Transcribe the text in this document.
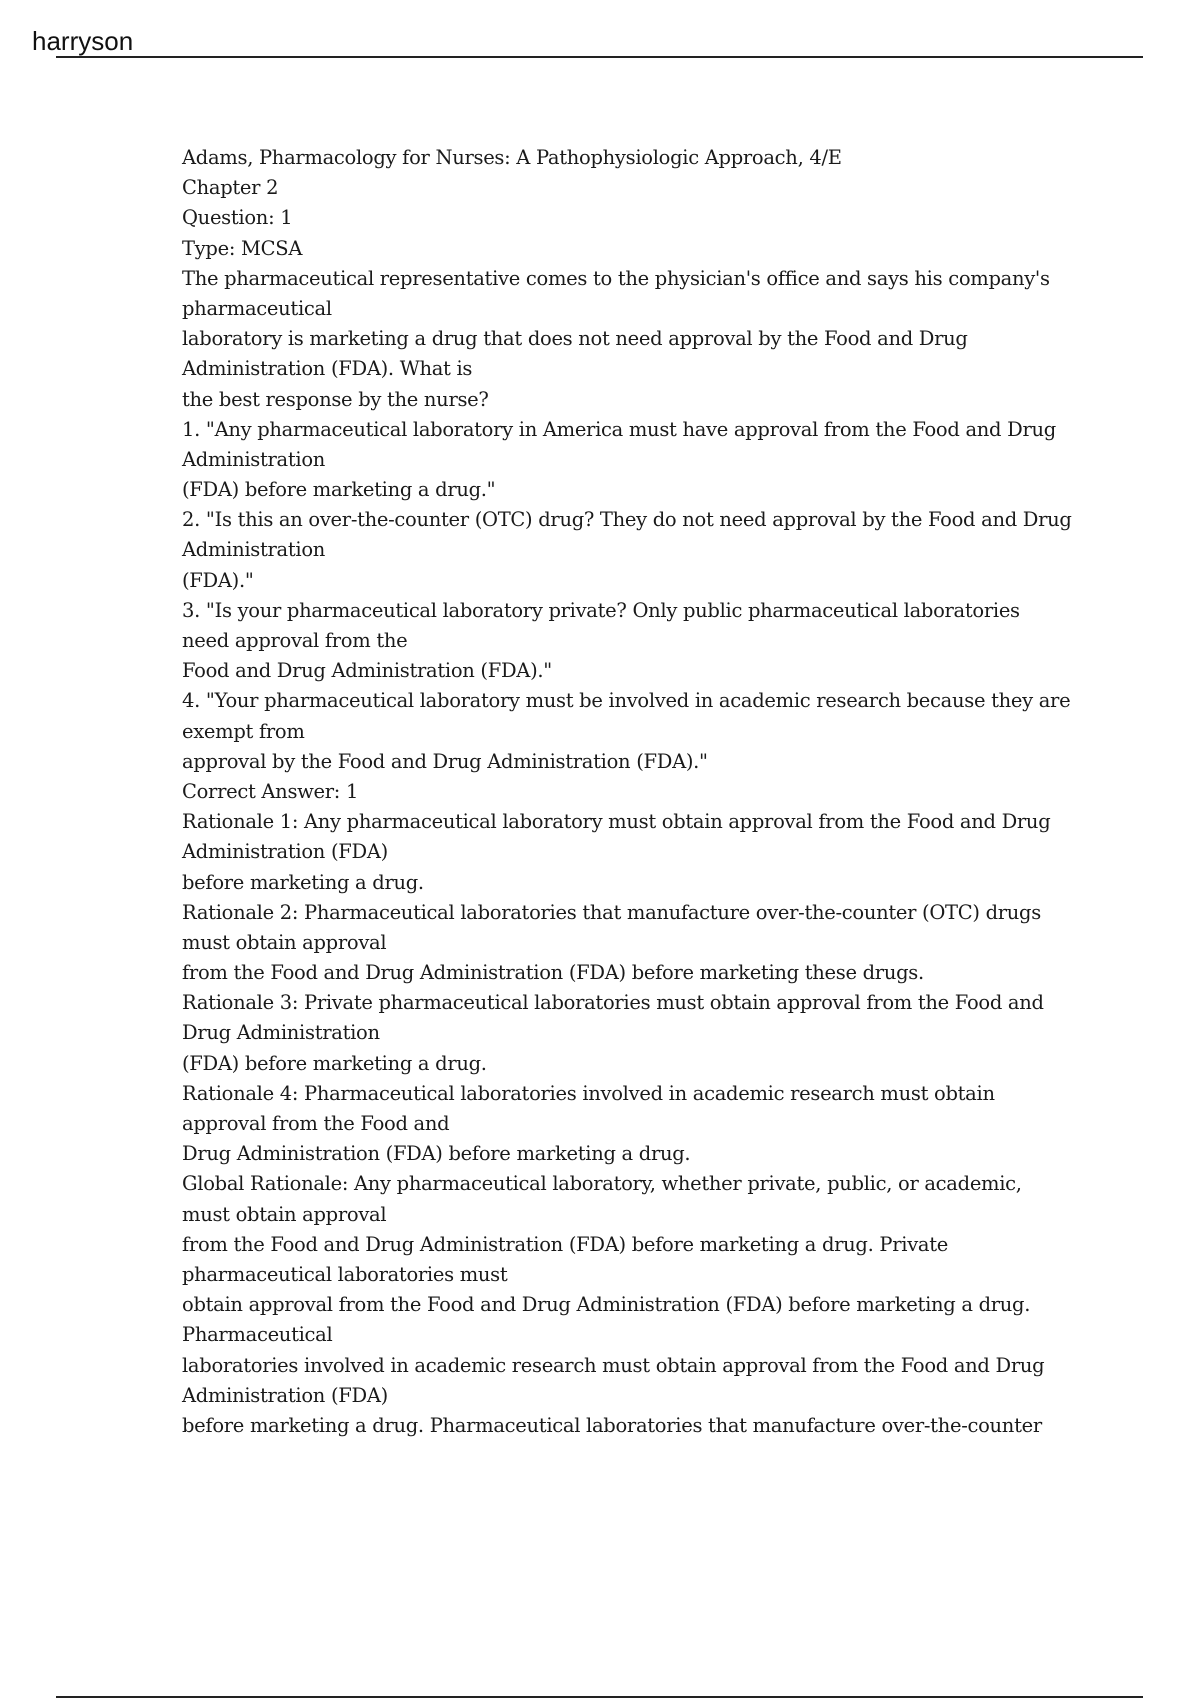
harryson
Adams, Pharmacology for Nurses: A Pathophysiologic Approach, 4/E
Chapter 2
Question: 1
Type: MCSA
The pharmaceutical representative comes to the physician's office and says his company's
pharmaceutical
laboratory is marketing a drug that does not need approval by the Food and Drug
Administration (FDA). What is
the best response by the nurse?
1. "Any pharmaceutical laboratory in America must have approval from the Food and Drug
Administration
(FDA) before marketing a drug."
2. "Is this an over-the-counter (OTC) drug? They do not need approval by the Food and Drug
Administration
(FDA)."
3. "Is your pharmaceutical laboratory private? Only public pharmaceutical laboratories
need approval from the
Food and Drug Administration (FDA)."
4. "Your pharmaceutical laboratory must be involved in academic research because they are
exempt from
approval by the Food and Drug Administration (FDA)."
Correct Answer: 1
Rationale 1: Any pharmaceutical laboratory must obtain approval from the Food and Drug
Administration (FDA)
before marketing a drug.
Rationale 2: Pharmaceutical laboratories that manufacture over-the-counter (OTC) drugs
must obtain approval
from the Food and Drug Administration (FDA) before marketing these drugs.
Rationale 3: Private pharmaceutical laboratories must obtain approval from the Food and
Drug Administration
(FDA) before marketing a drug.
Rationale 4: Pharmaceutical laboratories involved in academic research must obtain
approval from the Food and
Drug Administration (FDA) before marketing a drug.
Global Rationale: Any pharmaceutical laboratory, whether private, public, or academic,
must obtain approval
from the Food and Drug Administration (FDA) before marketing a drug. Private
pharmaceutical laboratories must
obtain approval from the Food and Drug Administration (FDA) before marketing a drug.
Pharmaceutical
laboratories involved in academic research must obtain approval from the Food and Drug
Administration (FDA)
before marketing a drug. Pharmaceutical laboratories that manufacture over-the-counter
